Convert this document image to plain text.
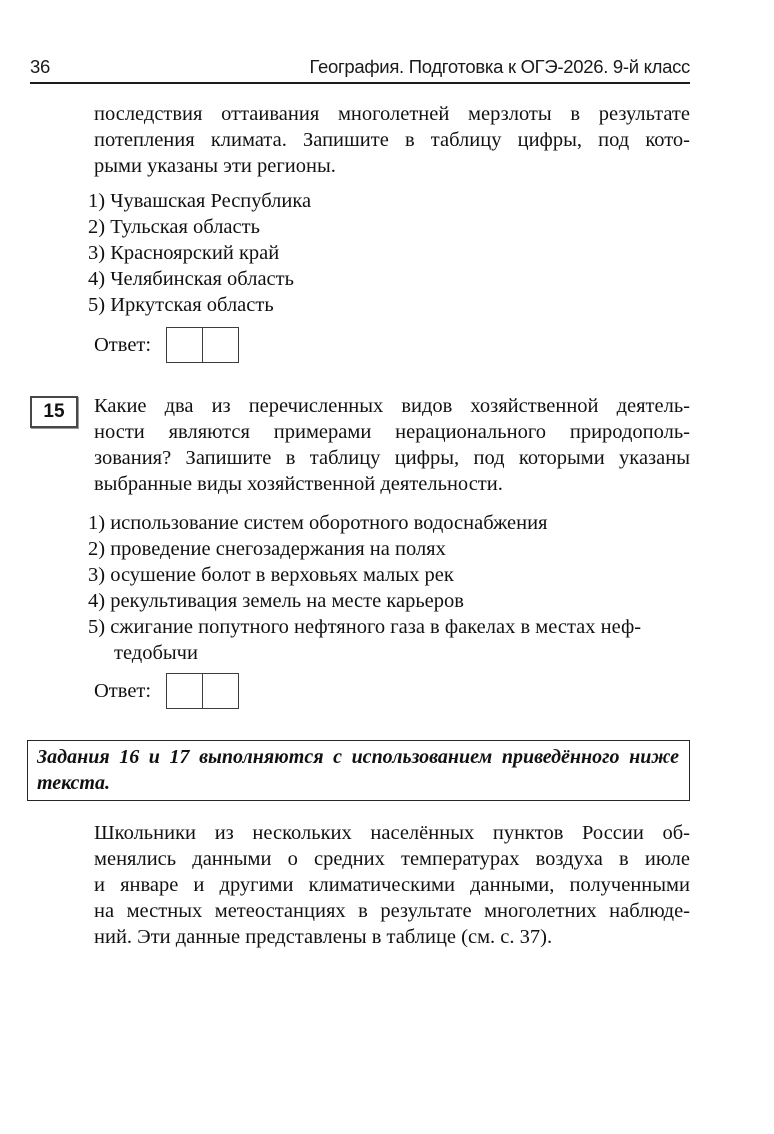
36	География. Подготовка к ОГЭ-2026. 9-й класс
последствия оттаивания многолетней мерзлоты в результате
потепления климата. Запишите в таблицу цифры, под кото-
рыми указаны эти регионы.
1) Чувашская Республика
2) Тульская область
3) Красноярский край
4) Челябинская область
5) Иркутская область
Ответ:
15 Какие два из перечисленных видов хозяйственной деятель-
ности являются примерами нерационального природополь-
зования? Запишите в таблицу цифры, под которыми указаны
выбранные виды хозяйственной деятельности.
1) использование систем оборотного водоснабжения
2) проведение снегозадержания на полях
3) осушение болот в верховьях малых рек
4) рекультивация земель на месте карьеров
5) сжигание попутного нефтяного газа в факелах в местах неф-
тедобычи
Ответ:
Задания 16 и 17 выполняются с использованием приведённого ниже
текста.
Школьники из нескольких населённых пунктов России об-
менялись данными о средних температурах воздуха в июле
и январе и другими климатическими данными, полученными
на местных метеостанциях в результате многолетних наблюде-
ний. Эти данные представлены в таблице (см. с. 37).
